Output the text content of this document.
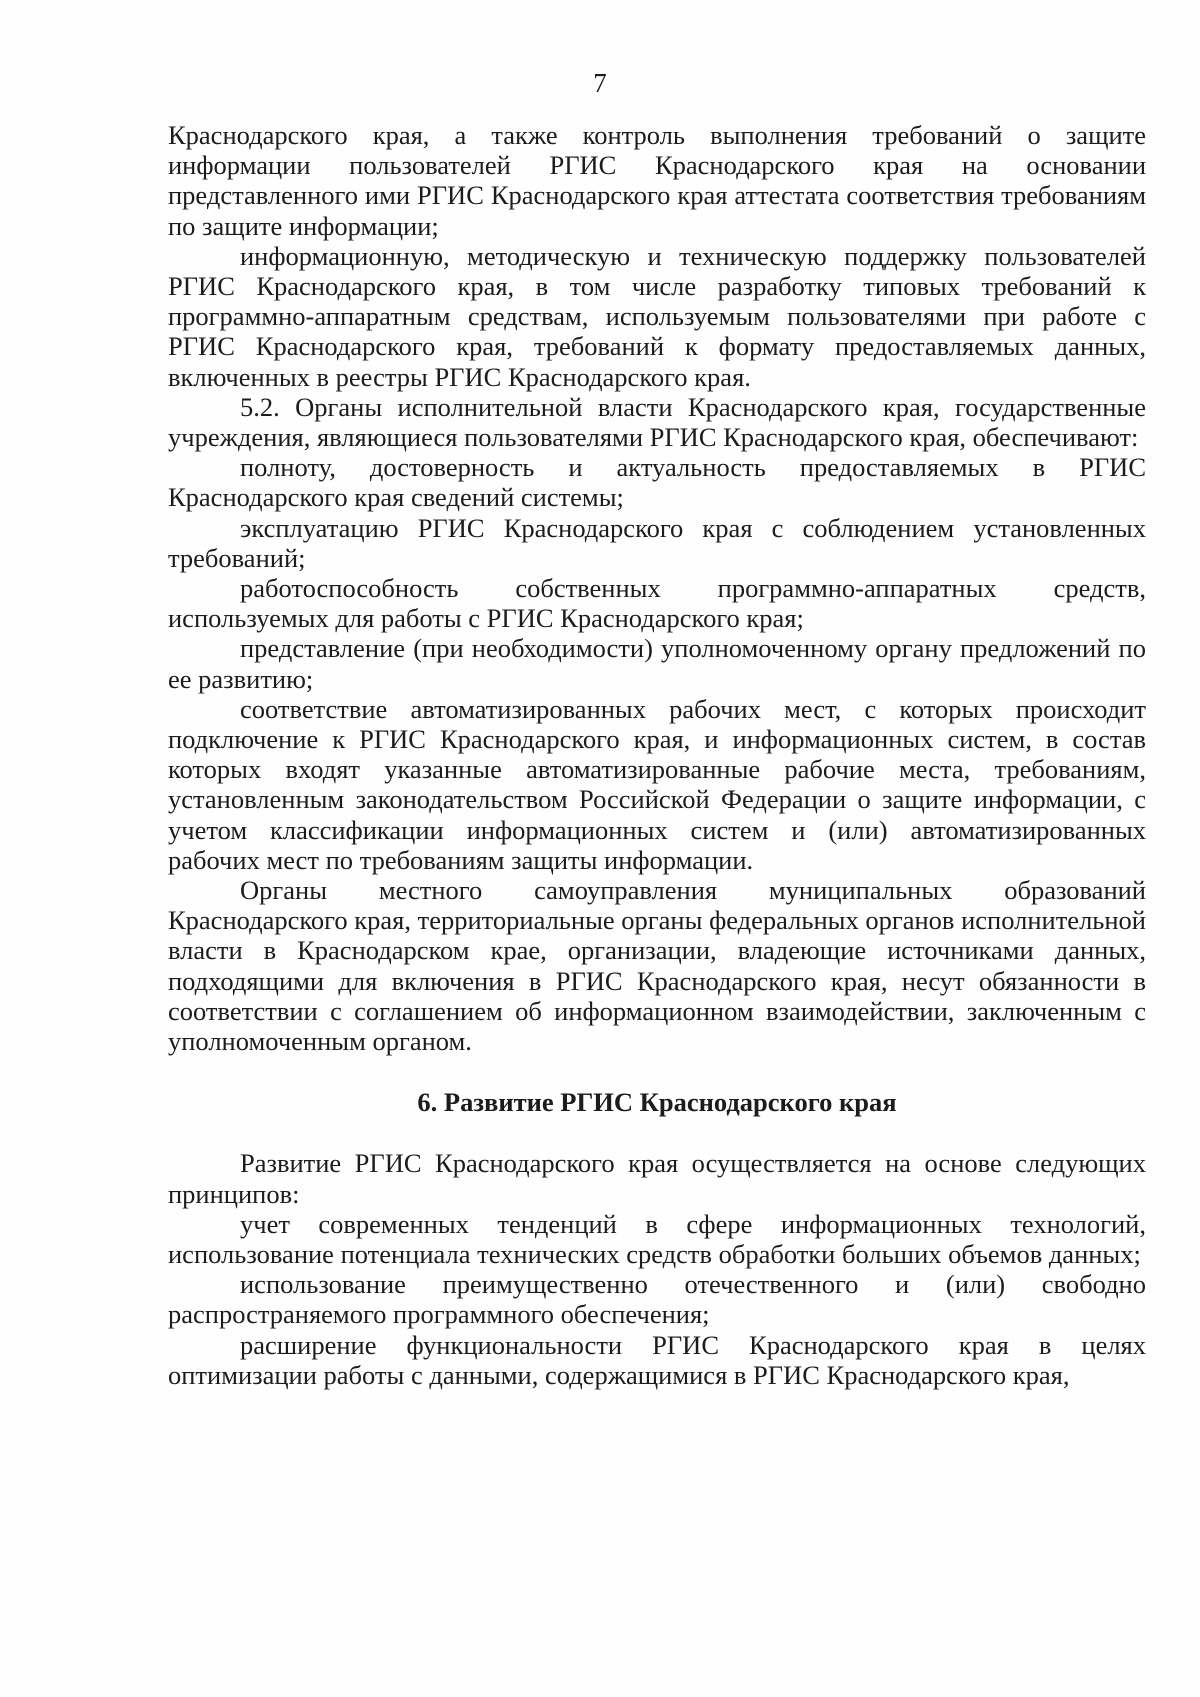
7

Краснодарского края, а также контроль выполнения требований о защите информации пользователей РГИС Краснодарского края на основании представленного ими РГИС Краснодарского края аттестата соответствия требованиям по защите информации;

информационную, методическую и техническую поддержку пользователей РГИС Краснодарского края, в том числе разработку типовых требований к программно-аппаратным средствам, используемым пользователями при работе с РГИС Краснодарского края, требований к формату предоставляемых данных, включенных в реестры РГИС Краснодарского края.

5.2. Органы исполнительной власти Краснодарского края, государственные учреждения, являющиеся пользователями РГИС Краснодарского края, обеспечивают:

полноту, достоверность и актуальность предоставляемых в РГИС Краснодарского края сведений системы;

эксплуатацию РГИС Краснодарского края с соблюдением установленных требований;

работоспособность собственных программно-аппаратных средств, используемых для работы с РГИС Краснодарского края;

представление (при необходимости) уполномоченному органу предложений по ее развитию;

соответствие автоматизированных рабочих мест, с которых происходит подключение к РГИС Краснодарского края, и информационных систем, в состав которых входят указанные автоматизированные рабочие места, требованиям, установленным законодательством Российской Федерации о защите информации, с учетом классификации информационных систем и (или) автоматизированных рабочих мест по требованиям защиты информации.

Органы местного самоуправления муниципальных образований Краснодарского края, территориальные органы федеральных органов исполнительной власти в Краснодарском крае, организации, владеющие источниками данных, подходящими для включения в РГИС Краснодарского края, несут обязанности в соответствии с соглашением об информационном взаимодействии, заключенным с уполномоченным органом.

6. Развитие РГИС Краснодарского края

Развитие РГИС Краснодарского края осуществляется на основе следующих принципов:

учет современных тенденций в сфере информационных технологий, использование потенциала технических средств обработки больших объемов данных;

использование преимущественно отечественного и (или) свободно распространяемого программного обеспечения;

расширение функциональности РГИС Краснодарского края в целях оптимизации работы с данными, содержащимися в РГИС Краснодарского края,
